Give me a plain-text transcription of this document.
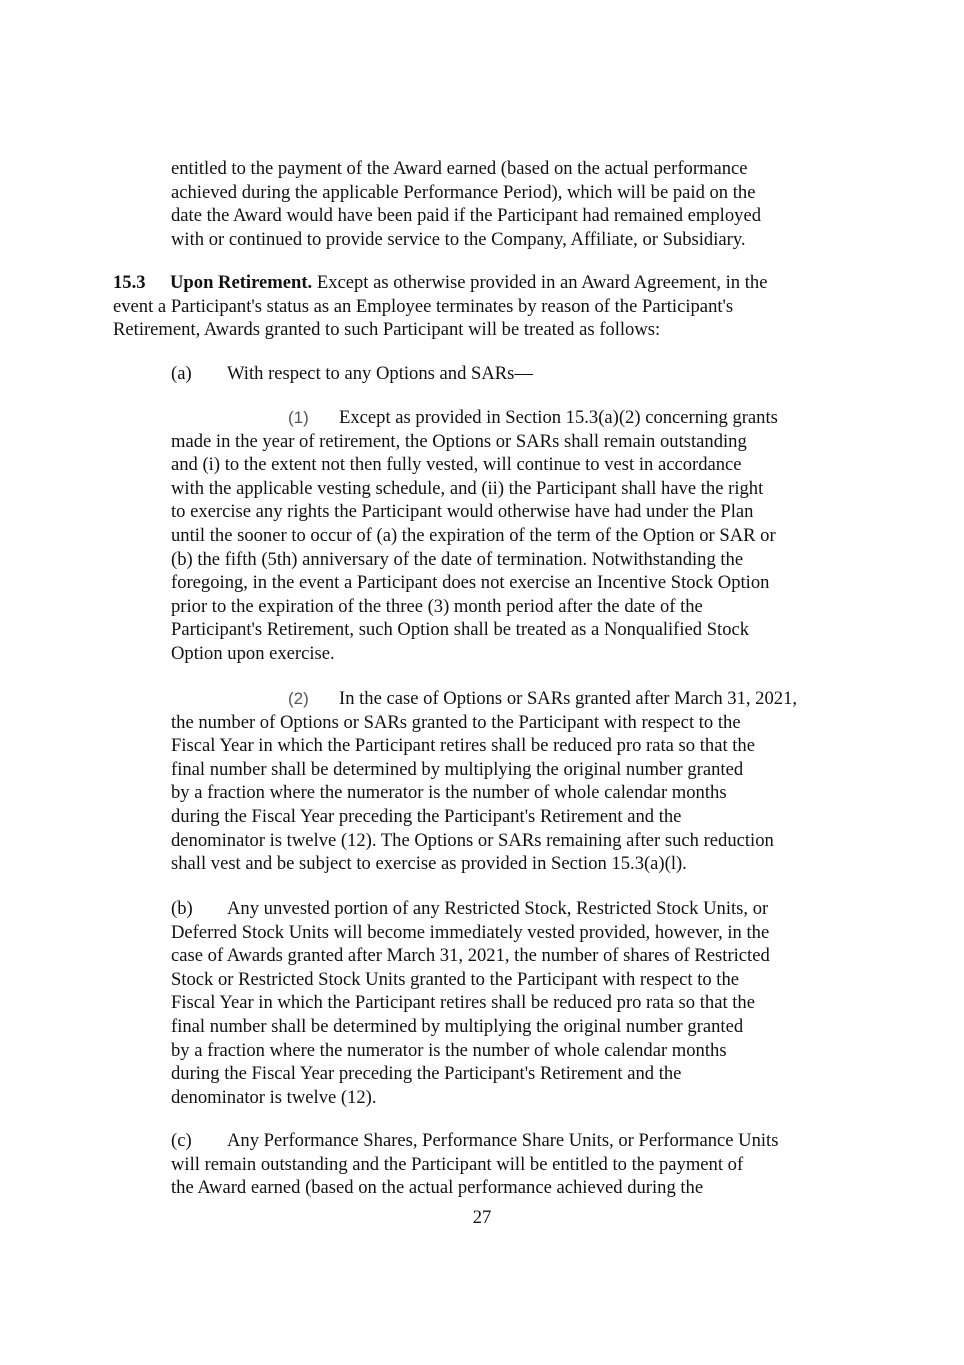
entitled to the payment of the Award earned (based on the actual performance
achieved during the applicable Performance Period), which will be paid on the
date the Award would have been paid if the Participant had remained employed
with or continued to provide service to the Company, Affiliate, or Subsidiary.

15.3 Upon Retirement. Except as otherwise provided in an Award Agreement, in the
event a Participant's status as an Employee terminates by reason of the Participant's
Retirement, Awards granted to such Participant will be treated as follows:

(a) With respect to any Options and SARs—

(1) Except as provided in Section 15.3(a)(2) concerning grants
made in the year of retirement, the Options or SARs shall remain outstanding
and (i) to the extent not then fully vested, will continue to vest in accordance
with the applicable vesting schedule, and (ii) the Participant shall have the right
to exercise any rights the Participant would otherwise have had under the Plan
until the sooner to occur of (a) the expiration of the term of the Option or SAR or
(b) the fifth (5th) anniversary of the date of termination. Notwithstanding the
foregoing, in the event a Participant does not exercise an Incentive Stock Option
prior to the expiration of the three (3) month period after the date of the
Participant's Retirement, such Option shall be treated as a Nonqualified Stock
Option upon exercise.

(2) In the case of Options or SARs granted after March 31, 2021,
the number of Options or SARs granted to the Participant with respect to the
Fiscal Year in which the Participant retires shall be reduced pro rata so that the
final number shall be determined by multiplying the original number granted
by a fraction where the numerator is the number of whole calendar months
during the Fiscal Year preceding the Participant's Retirement and the
denominator is twelve (12). The Options or SARs remaining after such reduction
shall vest and be subject to exercise as provided in Section 15.3(a)(l).

(b) Any unvested portion of any Restricted Stock, Restricted Stock Units, or
Deferred Stock Units will become immediately vested provided, however, in the
case of Awards granted after March 31, 2021, the number of shares of Restricted
Stock or Restricted Stock Units granted to the Participant with respect to the
Fiscal Year in which the Participant retires shall be reduced pro rata so that the
final number shall be determined by multiplying the original number granted
by a fraction where the numerator is the number of whole calendar months
during the Fiscal Year preceding the Participant's Retirement and the
denominator is twelve (12).

(c) Any Performance Shares, Performance Share Units, or Performance Units
will remain outstanding and the Participant will be entitled to the payment of
the Award earned (based on the actual performance achieved during the

27
